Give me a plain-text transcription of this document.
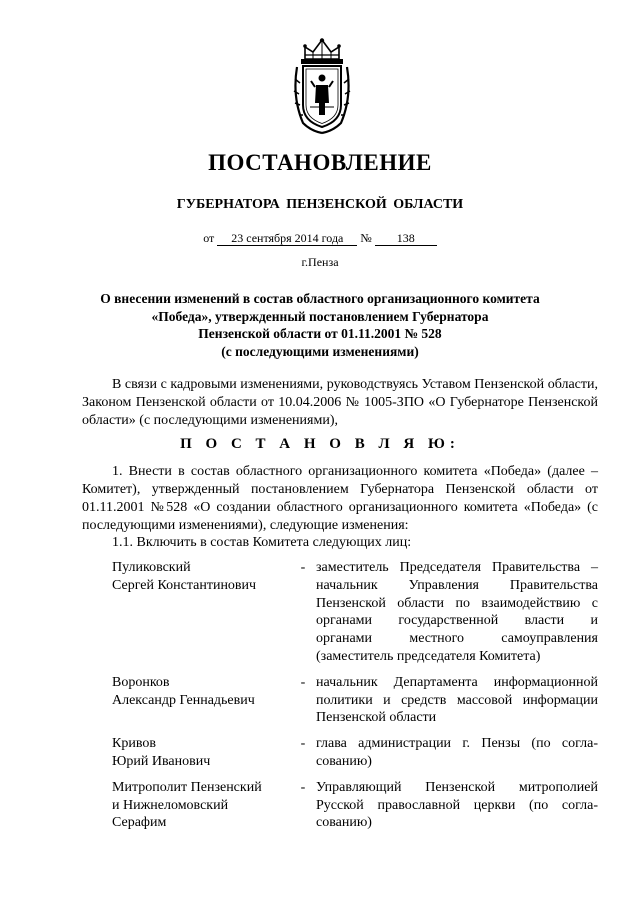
ПОСТАНОВЛЕНИЕ
ГУБЕРНАТОРА ПЕНЗЕНСКОЙ ОБЛАСТИ
от 23 сентября 2014 года № 138
г.Пенза
О внесении изменений в состав областного организационного комитета
«Победа», утвержденный постановлением Губернатора
Пензенской области от 01.11.2001 № 528
(с последующими изменениями)
В связи с кадровыми изменениями, руководствуясь Уставом Пензенской области, Законом Пензенской области от 10.04.2006 № 1005-ЗПО «О Губернаторе Пензенской области» (с последующими изменениями),
П О С Т А Н О В Л Я Ю:
1. Внести в состав областного организационного комитета «Победа» (далее – Комитет), утвержденный постановлением Губернатора Пензенской области от 01.11.2001 №528 «О создании областного организационного комитета «Победа» (с последующими изменениями), следующие изменения:
1.1. Включить в состав Комитета следующих лиц:
Пуликовский
Сергей Константинович
- заместитель Председателя Правительства –
начальник Управления Правительства
Пензенской области по взаимодействию с
органами государственной власти и
органами местного самоуправления
(заместитель председателя Комитета)
Воронков
Александр Геннадьевич
- начальник Департамента информационной
политики и средств массовой информации
Пензенской области
Кривов
Юрий Иванович
- глава администрации г. Пензы (по согла-
сованию)
Митрополит Пензенский
и Нижнеломовский
Серафим
- Управляющий Пензенской митрополией
Русской православной церкви (по согла-
сованию)
